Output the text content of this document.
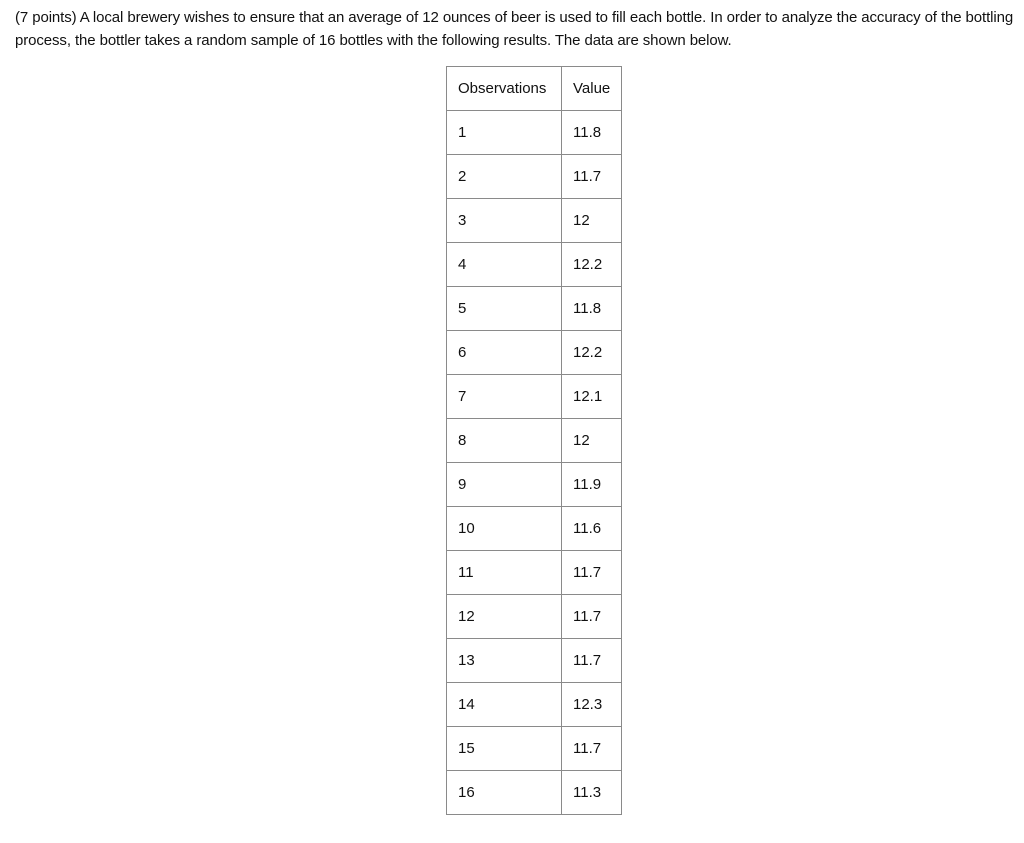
(7 points) A local brewery wishes to ensure that an average of 12 ounces of beer is used to fill each bottle. In order to analyze the accuracy of the bottling process, the bottler takes a random sample of 16 bottles with the following results. The data are shown below.

Observations	Value
1	11.8
2	11.7
3	12
4	12.2
5	11.8
6	12.2
7	12.1
8	12
9	11.9
10	11.6
11	11.7
12	11.7
13	11.7
14	12.3
15	11.7
16	11.3
